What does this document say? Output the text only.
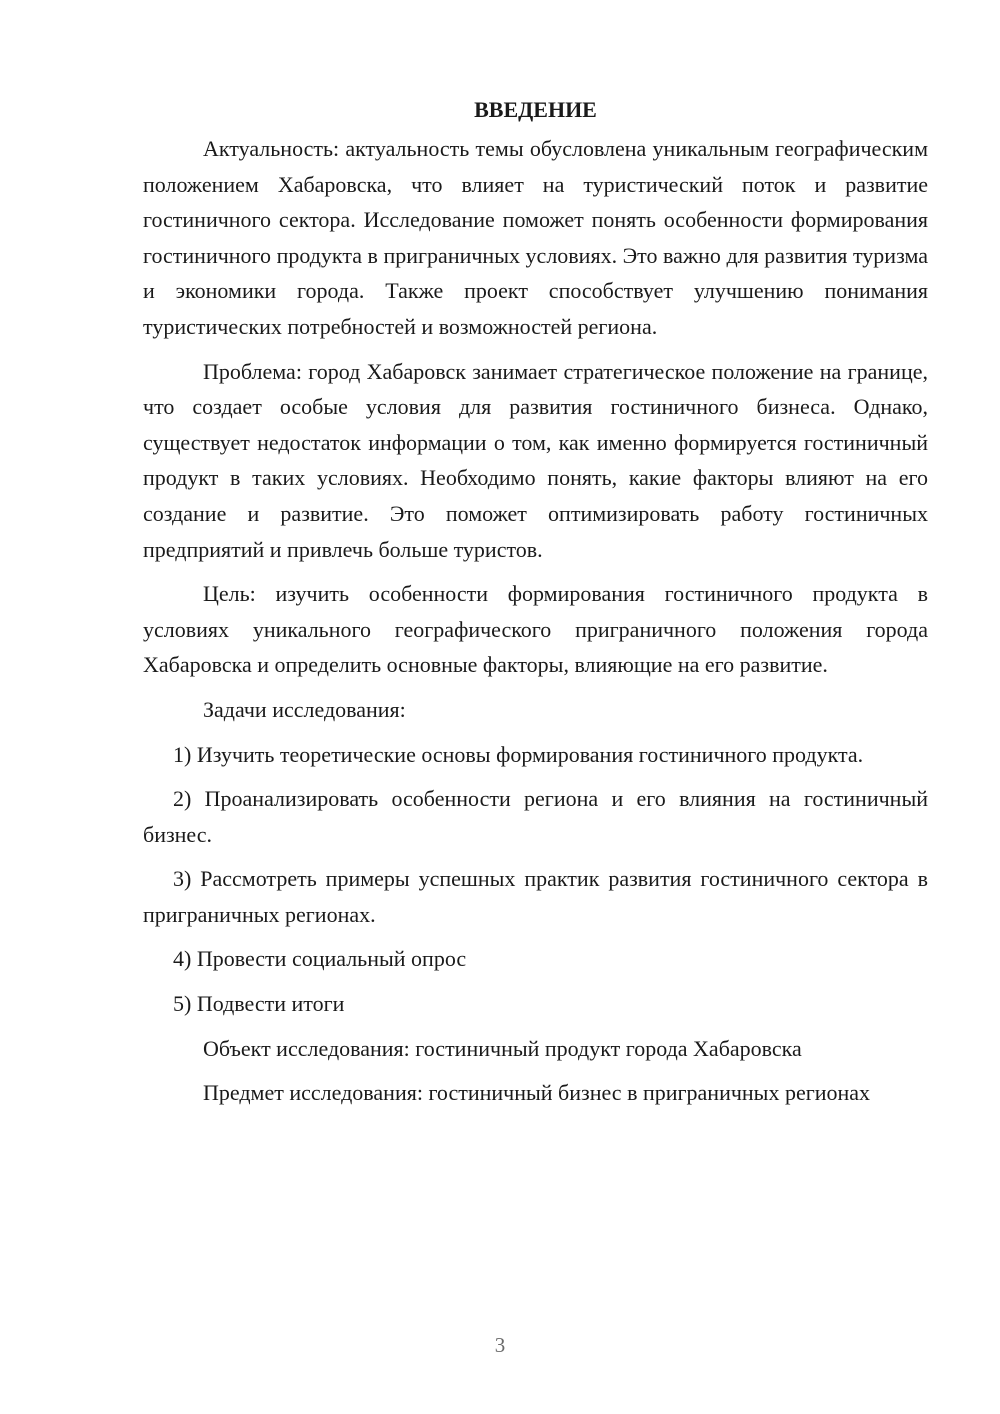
ВВЕДЕНИЕ

Актуальность: актуальность темы обусловлена уникальным географическим положением Хабаровска, что влияет на туристический поток и развитие гостиничного сектора. Исследование поможет понять особенности формирования гостиничного продукта в приграничных условиях. Это важно для развития туризма и экономики города. Также проект способствует улучшению понимания туристических потребностей и возможностей региона.

Проблема: город Хабаровск занимает стратегическое положение на границе, что создает особые условия для развития гостиничного бизнеса. Однако, существует недостаток информации о том, как именно формируется гостиничный продукт в таких условиях. Необходимо понять, какие факторы влияют на его создание и развитие. Это поможет оптимизировать работу гостиничных предприятий и привлечь больше туристов.

Цель: изучить особенности формирования гостиничного продукта в условиях уникального географического приграничного положения города Хабаровска и определить основные факторы, влияющие на его развитие.

Задачи исследования:

1) Изучить теоретические основы формирования гостиничного продукта.

2) Проанализировать особенности региона и его влияния на гостиничный бизнес.

3) Рассмотреть примеры успешных практик развития гостиничного сектора в приграничных регионах.

4) Провести социальный опрос

5) Подвести итоги

Объект исследования: гостиничный продукт города Хабаровска

Предмет исследования: гостиничный бизнес в приграничных регионах

3
